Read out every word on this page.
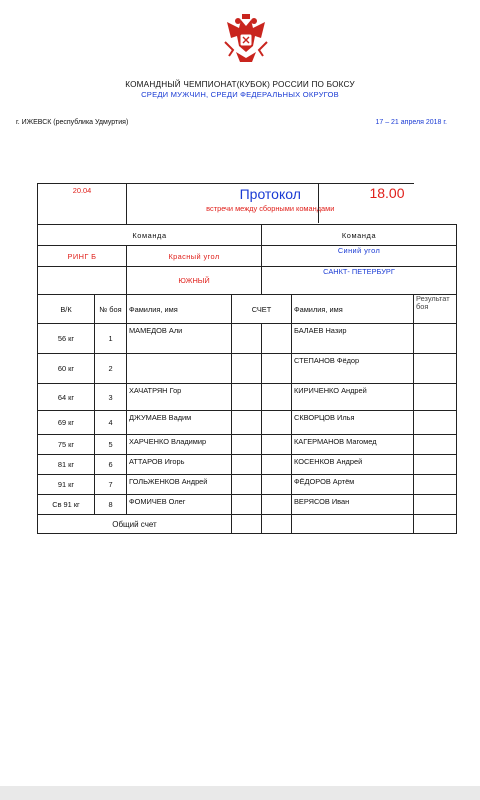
КОМАНДНЫЙ ЧЕМПИОНАТ(КУБОК) РОССИИ ПО БОКСУ
СРЕДИ МУЖЧИН, СРЕДИ ФЕДЕРАЛЬНЫХ ОКРУГОВ
г. ИЖЕВСК (республика Удмуртия)	17 – 21 апреля 2018 г.
20.04		Протокол
встречи между сборными командами				

Команда				Команда		
РИНГ Б		Красный угол		Синий угол		
		ЮЖНЫЙ		САНКТ- ПЕТЕРБУРГ		
В/К	№ боя	Фамилия, имя	СЧЕТ		Фамилия, имя	Результат боя
56 кг	1	МАМЕДОВ Али			БАЛАЕВ Назир	
60 кг	2				СТЕПАНОВ Фёдор	
64 кг	3	ХАЧАТРЯН Гор			КИРИЧЕНКО Андрей	
69 кг	4	ДЖУМАЕВ Вадим			СКВОРЦОВ Илья	
75 кг	5	ХАРЧЕНКО Владимир			КАГЕРМАНОВ Магомед	
81 кг	6	АТТАРОВ Игорь			КОСЕНКОВ Андрей	
91 кг	7	ГОЛЬЖЕНКОВ Андрей			ФЁДОРОВ Артём	
Св 91 кг	8	ФОМИЧЕВ Олег			ВЕРЯСОВ Иван	
Общий счет						
18.00
